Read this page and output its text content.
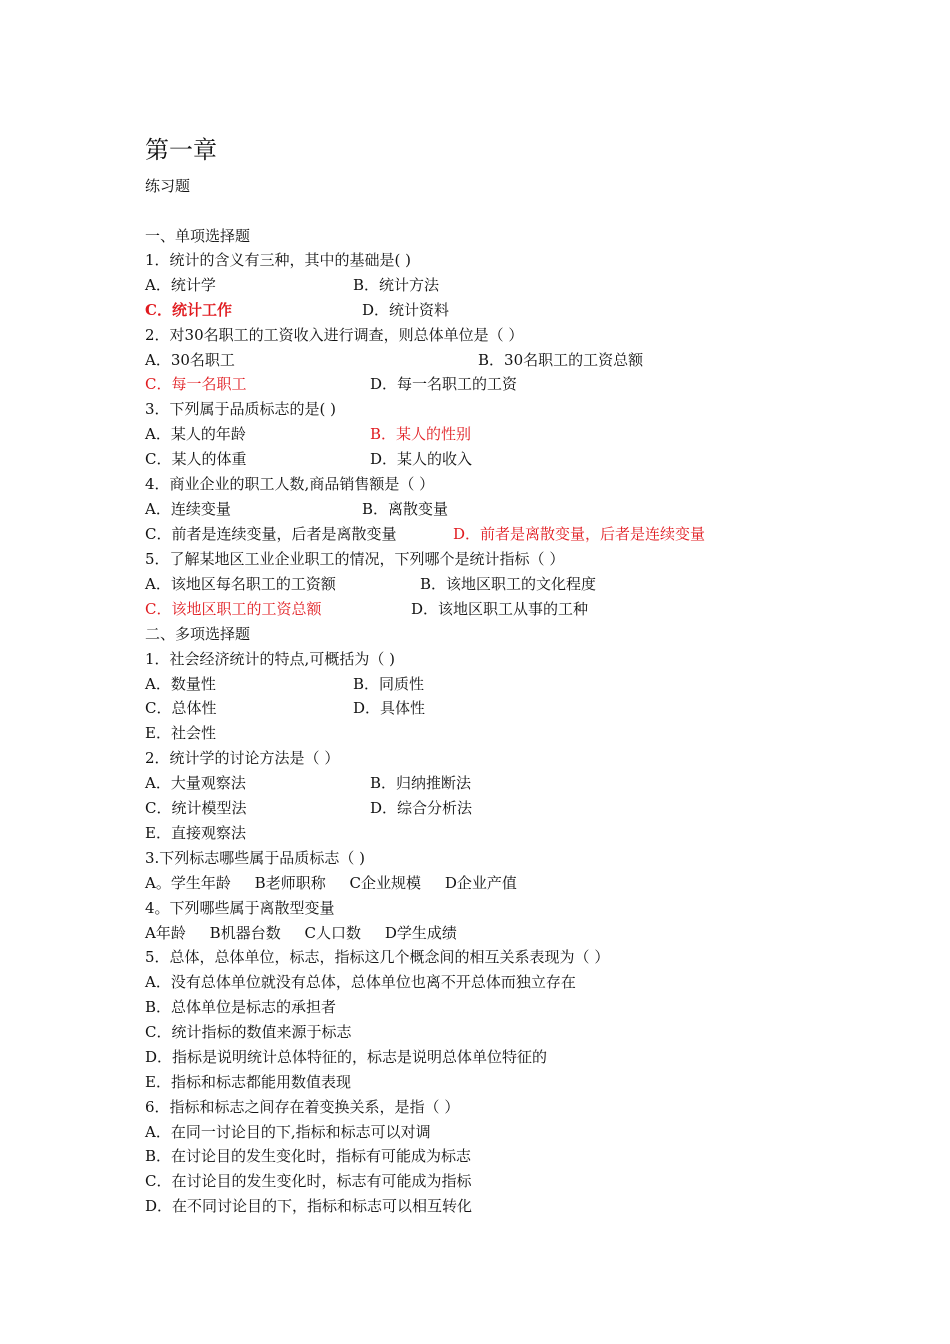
第一章
练习题
一、单项选择题
1．统计的含义有三种，其中的基础是( )
A．统计学	B．统计方法
C．统计工作	D．统计资料
2．对30名职工的工资收入进行调查，则总体单位是（ ）
A．30名职工	B．30名职工的工资总额
C．每一名职工	D．每一名职工的工资
3．下列属于品质标志的是( )
A．某人的年龄	B．某人的性别
C．某人的体重	D．某人的收入
4．商业企业的职工人数,商品销售额是（ ）
A．连续变量	B．离散变量
C．前者是连续变量，后者是离散变量	D．前者是离散变量，后者是连续变量
5．了解某地区工业企业职工的情况，下列哪个是统计指标（ ）
A．该地区每名职工的工资额	B．该地区职工的文化程度
C．该地区职工的工资总额	D．该地区职工从事的工种
二、多项选择题
1．社会经济统计的特点,可概括为（ )
A．数量性	B．同质性
C．总体性	D．具体性
E．社会性
2．统计学的讨论方法是（ ）
A．大量观察法	B．归纳推断法
C．统计模型法	D．综合分析法
E．直接观察法
3.下列标志哪些属于品质标志（ )
A。学生年龄     B老师职称     C企业规模     D企业产值
4。下列哪些属于离散型变量
A年龄     B机器台数     C人口数     D学生成绩
5．总体，总体单位，标志，指标这几个概念间的相互关系表现为（ ）
A．没有总体单位就没有总体，总体单位也离不开总体而独立存在
B．总体单位是标志的承担者
C．统计指标的数值来源于标志
D．指标是说明统计总体特征的，标志是说明总体单位特征的
E．指标和标志都能用数值表现
6．指标和标志之间存在着变换关系，是指（ ）
A．在同一讨论目的下,指标和标志可以对调
B．在讨论目的发生变化时，指标有可能成为标志
C．在讨论目的发生变化时，标志有可能成为指标
D．在不同讨论目的下，指标和标志可以相互转化
